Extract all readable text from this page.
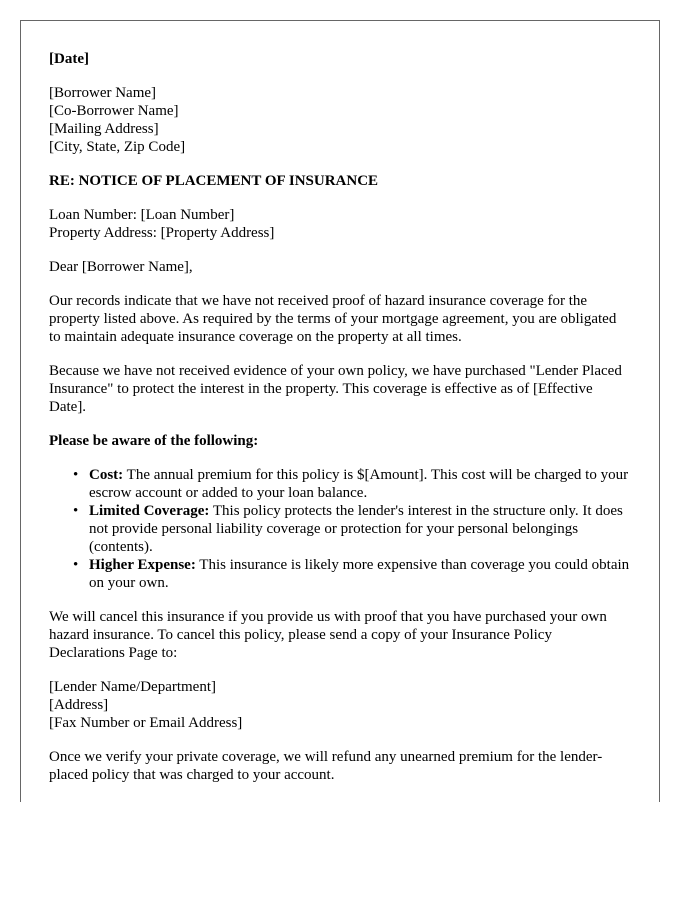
[Date]
[Borrower Name]
[Co-Borrower Name]
[Mailing Address]
[City, State, Zip Code]
RE: NOTICE OF PLACEMENT OF INSURANCE
Loan Number: [Loan Number]
Property Address: [Property Address]
Dear [Borrower Name],
Our records indicate that we have not received proof of hazard insurance coverage for the property listed above. As required by the terms of your mortgage agreement, you are obligated to maintain adequate insurance coverage on the property at all times.
Because we have not received evidence of your own policy, we have purchased "Lender Placed Insurance" to protect the interest in the property. This coverage is effective as of [Effective Date].
Please be aware of the following:
• Cost: The annual premium for this policy is $[Amount]. This cost will be charged to your escrow account or added to your loan balance.
• Limited Coverage: This policy protects the lender's interest in the structure only. It does not provide personal liability coverage or protection for your personal belongings (contents).
• Higher Expense: This insurance is likely more expensive than coverage you could obtain on your own.
We will cancel this insurance if you provide us with proof that you have purchased your own hazard insurance. To cancel this policy, please send a copy of your Insurance Policy Declarations Page to:
[Lender Name/Department]
[Address]
[Fax Number or Email Address]
Once we verify your private coverage, we will refund any unearned premium for the lender-placed policy that was charged to your account.
